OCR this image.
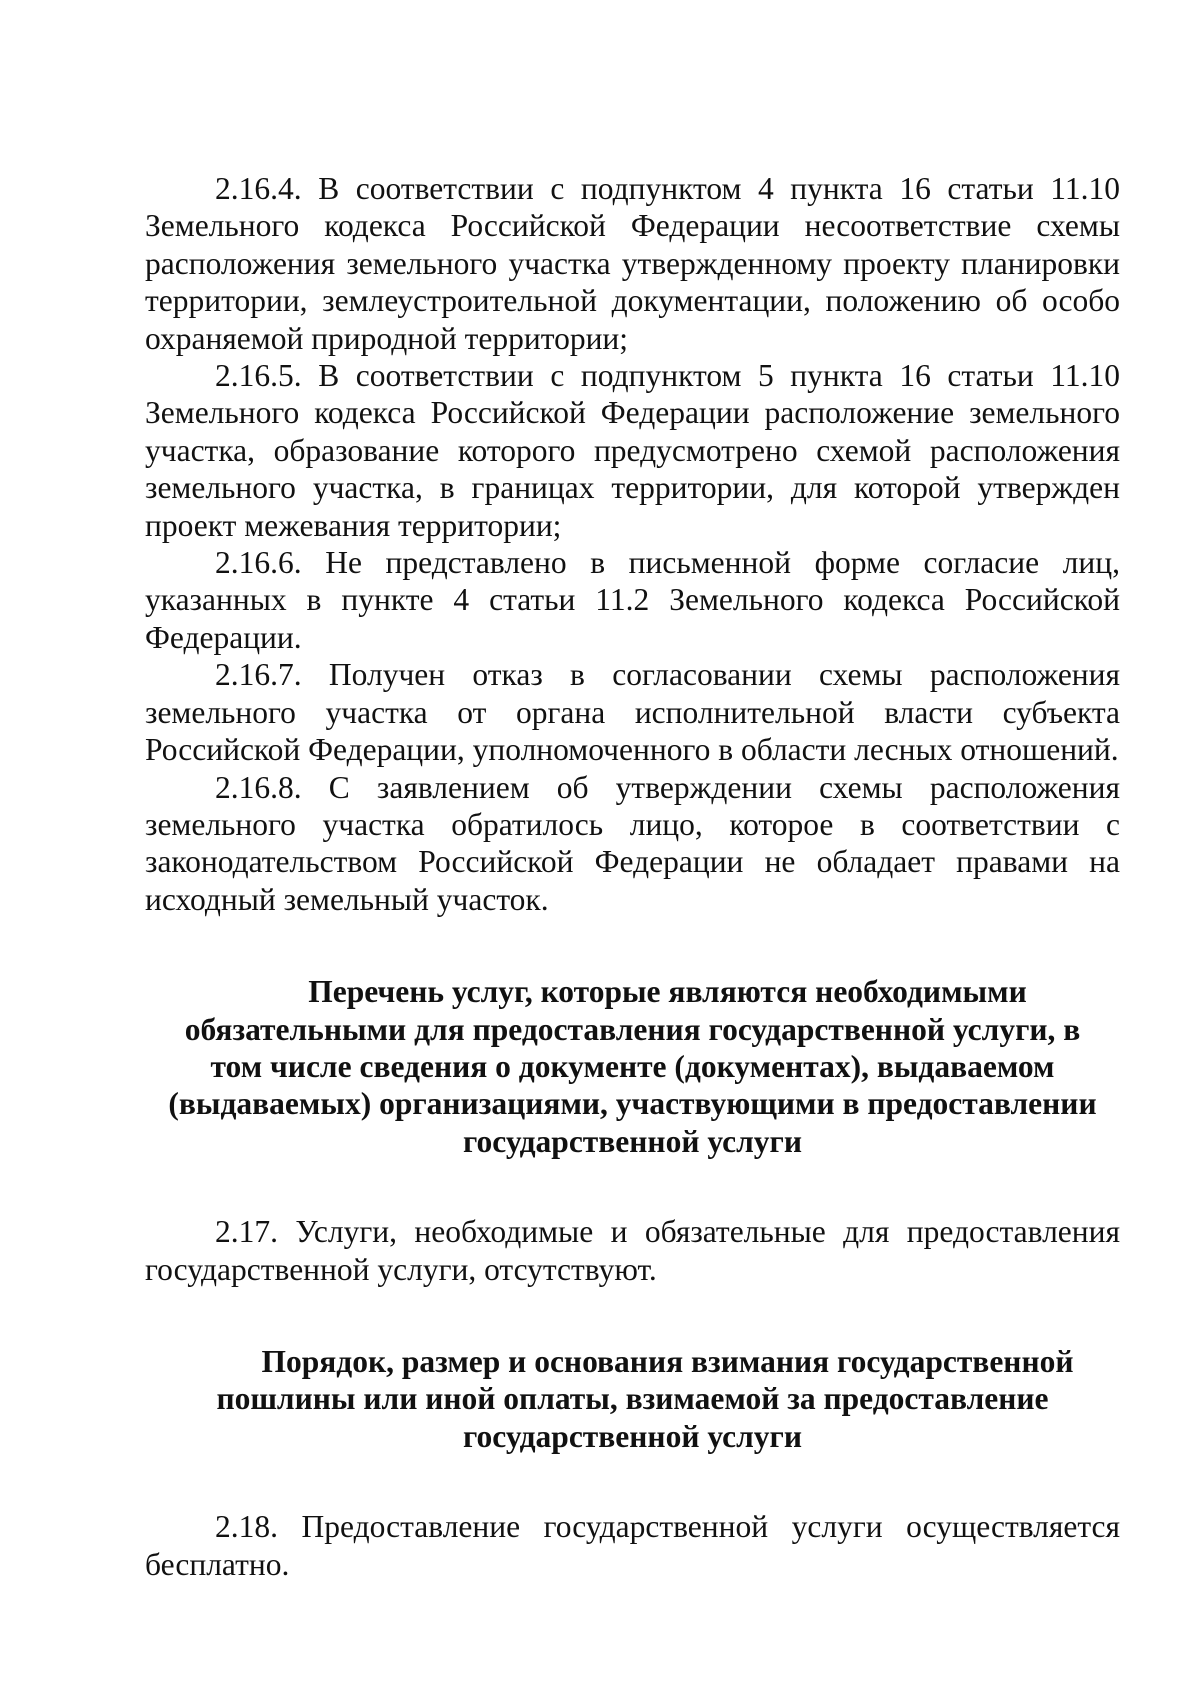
2.16.4. В соответствии с подпунктом 4 пункта 16 статьи 11.10 Земельного кодекса Российской Федерации несоответствие схемы расположения земельного участка утвержденному проекту планировки территории, землеустроительной документации, положению об особо охраняемой природной территории;

2.16.5. В соответствии с подпунктом 5 пункта 16 статьи 11.10 Земельного кодекса Российской Федерации расположение земельного участка, образование которого предусмотрено схемой расположения земельного участка, в границах территории, для которой утвержден проект межевания территории;

2.16.6. Не представлено в письменной форме согласие лиц, указанных в пункте 4 статьи 11.2 Земельного кодекса Российской Федерации.

2.16.7. Получен отказ в согласовании схемы расположения земельного участка от органа исполнительной власти субъекта Российской Федерации, уполномоченного в области лесных отношений.

2.16.8. С заявлением об утверждении схемы расположения земельного участка обратилось лицо, которое в соответствии с законодательством Российской Федерации не обладает правами на исходный земельный участок.

Перечень услуг, которые являются необходимыми
обязательными для предоставления государственной услуги, в
том числе сведения о документе (документах), выдаваемом
(выдаваемых) организациями, участвующими в предоставлении
государственной услуги

2.17. Услуги, необходимые и обязательные для предоставления государственной услуги, отсутствуют.

Порядок, размер и основания взимания государственной
пошлины или иной оплаты, взимаемой за предоставление
государственной услуги

2.18. Предоставление государственной услуги осуществляется бесплатно.
